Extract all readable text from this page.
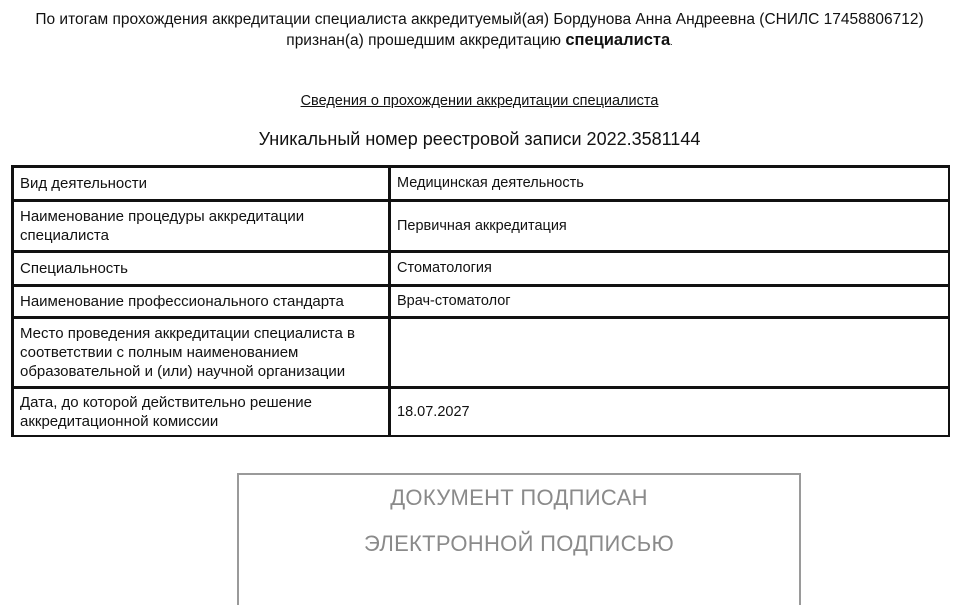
По итогам прохождения аккредитации специалиста аккредитуемый(ая) Бордунова Анна Андреевна (СНИЛС 17458806712)
признан(а) прошедшим аккредитацию специалиста.
Сведения о прохождении аккредитации специалиста
Уникальный номер реестровой записи 2022.3581144
Вид деятельности	Медицинская деятельность
Наименование процедуры аккредитации специалиста	Первичная аккредитация
Специальность	Стоматология
Наименование профессионального стандарта	Врач-стоматолог
Место проведения аккредитации специалиста в соответствии с полным наименованием образовательной и (или) научной организации	
Дата, до которой действительно решение аккредитационной комиссии	18.07.2027
ДОКУМЕНТ ПОДПИСАН
ЭЛЕКТРОННОЙ ПОДПИСЬЮ
